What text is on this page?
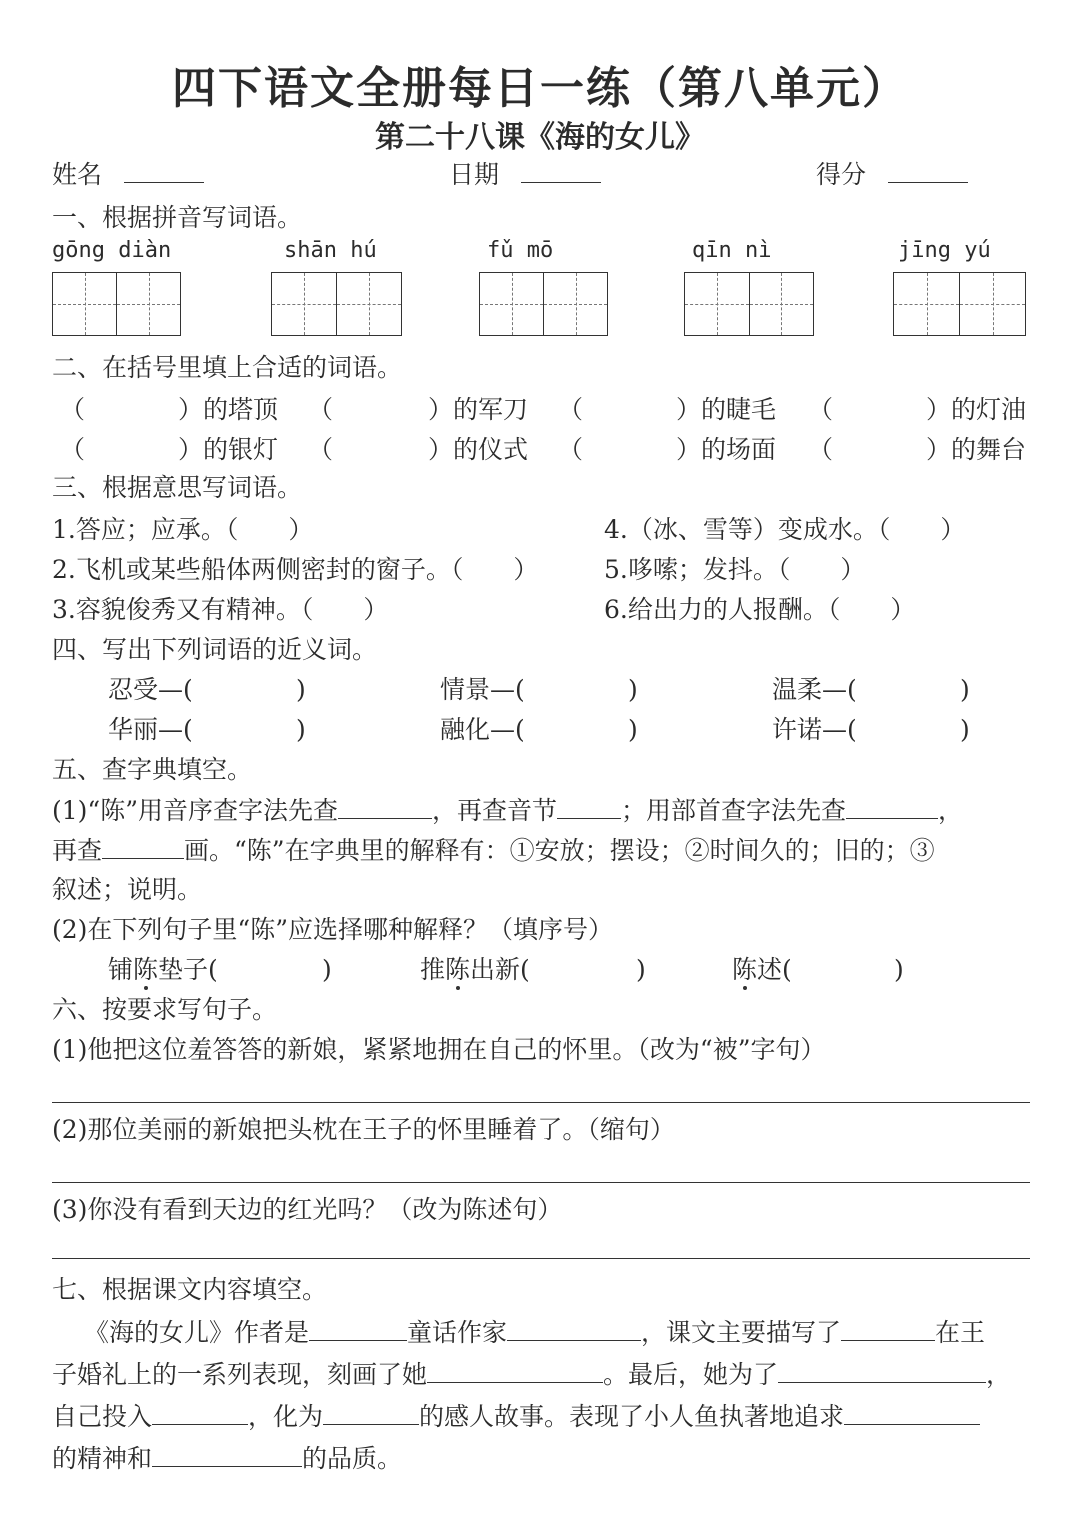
四下语文全册每日一练（第八单元）
第二十八课《海的女儿》
姓名	日期	得分
一、根据拼音写词语。
gōng diàn	shān hú	fǔ mō	qīn nì	jīng yú
二、在括号里填上合适的词语。
（	）的塔顶 （	）的军刀 （	）的睫毛 （	）的灯油
（	）的银灯 （	）的仪式 （	）的场面 （	）的舞台
三、根据意思写词语。
1.答应；应承。（　　）
2.飞机或某些船体两侧密封的窗子。（　　）
3.容貌俊秀又有精神。（　　）
4.（冰、雪等）变成水。（　　）
5.哆嗦；发抖。（　　）
6.给出力的人报酬。（　　）
四、写出下列词语的近义词。
忍受—(	)	情景—(	)	温柔—(	)
华丽—(	)	融化—(	)	许诺—(	)
五、查字典填空。
(1)“陈”用音序查字法先查	，再查音节	；用部首查字法先查	，
再查	画。“陈”在字典里的解释有：①安放；摆设；②时间久的；旧的；③
叙述；说明。
(2)在下列句子里“陈”应选择哪种解释？（填序号）
铺陈垫子(	)	推陈出新(	)	陈述(	)
六、按要求写句子。
(1)他把这位羞答答的新娘，紧紧地拥在自己的怀里。（改为“被”字句）
(2)那位美丽的新娘把头枕在王子的怀里睡着了。（缩句）
(3)你没有看到天边的红光吗？（改为陈述句）
七、根据课文内容填空。
《海的女儿》作者是	童话作家	，课文主要描写了	在王
子婚礼上的一系列表现，刻画了她	。最后，她为了	，
自己投入	，化为	的感人故事。表现了小人鱼执著地追求
的精神和	的品质。
